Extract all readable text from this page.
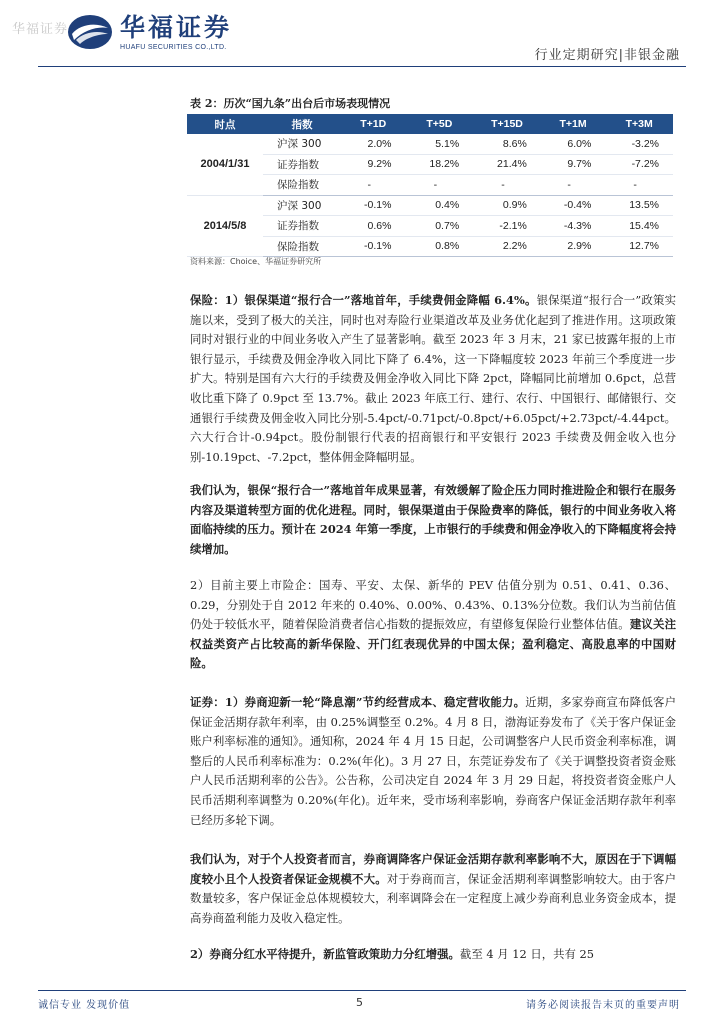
华福证券 华福证券
HUAFU SECURITIES CO.,LTD.
行业定期研究|非银金融
表 2：历次“国九条”出台后市场表现情况
时点	指数	T+1D	T+5D	T+15D	T+1M	T+3M
2004/1/31	沪深 300	2.0%	5.1%	8.6%	6.0%	-3.2%
	证券指数	9.2%	18.2%	21.4%	9.7%	-7.2%
	保险指数	-	-	-	-	-
2014/5/8	沪深 300	-0.1%	0.4%	0.9%	-0.4%	13.5%
	证券指数	0.6%	0.7%	-2.1%	-4.3%	15.4%
	保险指数	-0.1%	0.8%	2.2%	2.9%	12.7%
资料来源：Choice、华福证券研究所
保险：1）银保渠道“报行合一”落地首年，手续费佣金降幅 6.4%。银保渠道“报行合一”政策实施以来，受到了极大的关注，同时也对寿险行业渠道改革及业务优化起到了推进作用。这项政策同时对银行业的中间业务收入产生了显著影响。截至 2023 年 3 月末，21 家已披露年报的上市银行显示，手续费及佣金净收入同比下降了 6.4%，这一下降幅度较 2023 年前三个季度进一步扩大。特别是国有六大行的手续费及佣金净收入同比下降 2pct，降幅同比前增加 0.6pct，总营收比重下降了 0.9pct 至 13.7%。截止 2023 年底工行、建行、农行、中国银行、邮储银行、交通银行手续费及佣金收入同比分别-5.4pct/-0.71pct/-0.8pct/+6.05pct/+2.73pct/-4.44pct。六大行合计-0.94pct。股份制银行代表的招商银行和平安银行 2023 手续费及佣金收入也分别-10.19pct、-7.2pct，整体佣金降幅明显。
我们认为，银保“报行合一”落地首年成果显著，有效缓解了险企压力同时推进险企和银行在服务内容及渠道转型方面的优化进程。同时，银保渠道由于保险费率的降低，银行的中间业务收入将面临持续的压力。预计在 2024 年第一季度，上市银行的手续费和佣金净收入的下降幅度将会持续增加。
2）目前主要上市险企：国寿、平安、太保、新华的 PEV 估值分别为 0.51、0.41、0.36、0.29，分别处于自 2012 年来的 0.40%、0.00%、0.43%、0.13%分位数。我们认为当前估值仍处于较低水平，随着保险消费者信心指数的提振效应，有望修复保险行业整体估值。建议关注权益类资产占比较高的新华保险、开门红表现优异的中国太保；盈利稳定、高股息率的中国财险。
证券：1）券商迎新一轮“降息潮”节约经营成本、稳定营收能力。近期，多家券商宣布降低客户保证金活期存款年利率，由 0.25%调整至 0.2%。4 月 8 日，渤海证券发布了《关于客户保证金账户利率标准的通知》。通知称，2024 年 4 月 15 日起，公司调整客户人民币资金利率标准，调整后的人民币利率标准为：0.2%(年化)。3 月 27 日，东莞证券发布了《关于调整投资者资金账户人民币活期利率的公告》。公告称，公司决定自 2024 年 3 月 29 日起，将投资者资金账户人民币活期利率调整为 0.20%(年化)。近年来，受市场利率影响，券商客户保证金活期存款年利率已经历多轮下调。
我们认为，对于个人投资者而言，券商调降客户保证金活期存款利率影响不大，原因在于下调幅度较小且个人投资者保证金规模不大。对于券商而言，保证金活期利率调整影响较大。由于客户数量较多，客户保证金总体规模较大，利率调降会在一定程度上减少券商利息业务资金成本，提高券商盈利能力及收入稳定性。
2）券商分红水平待提升，新监管政策助力分红增强。截至 4 月 12 日，共有 25
诚信专业 发现价值	5	请务必阅读报告末页的重要声明
